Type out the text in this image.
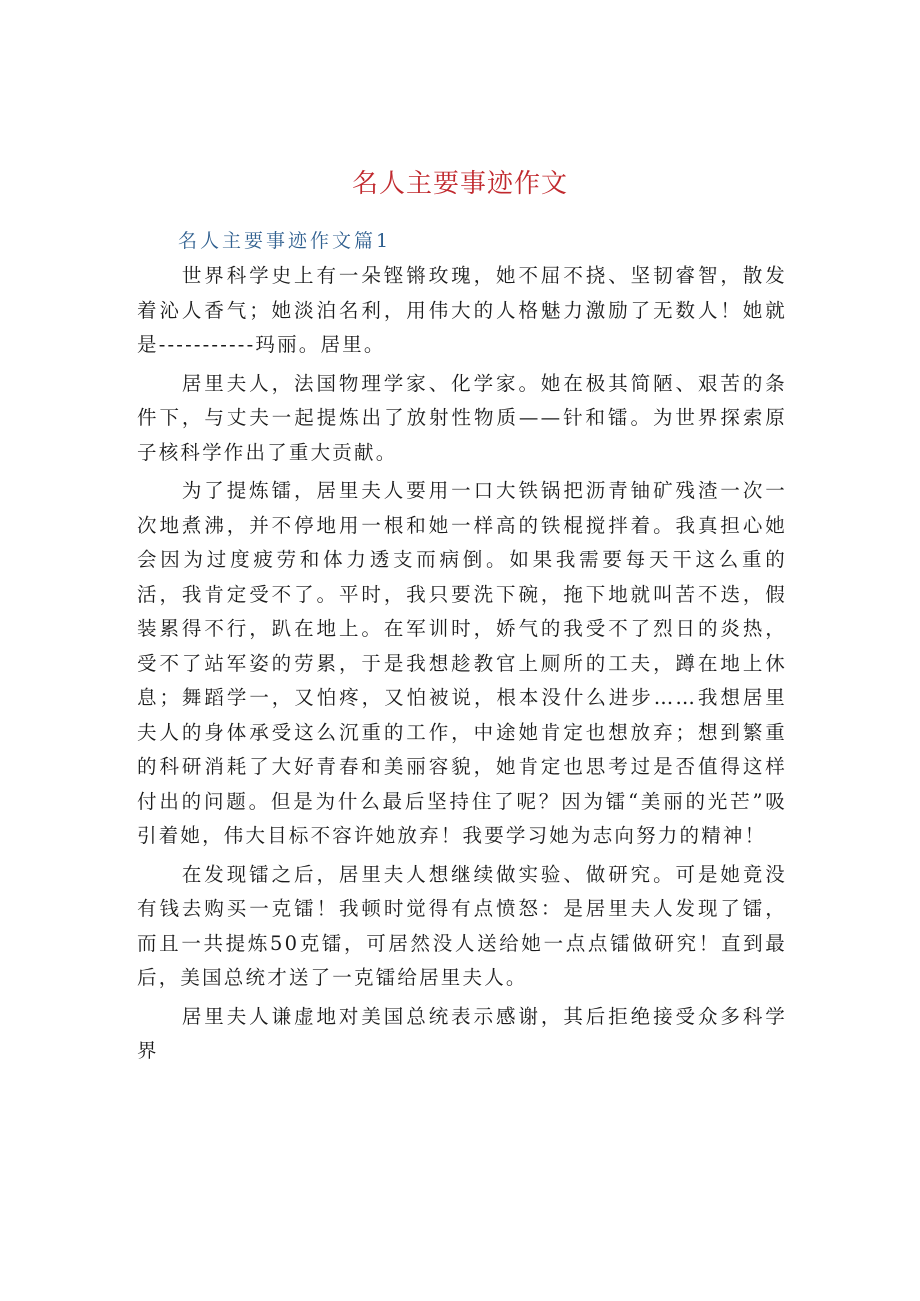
名人主要事迹作文
名人主要事迹作文篇1

世界科学史上有一朵铿锵玫瑰，她不屈不挠、坚韧睿智，散发着沁人香气；她淡泊名利，用伟大的人格魅力激励了无数人！她就是-----------玛丽。居里。

居里夫人，法国物理学家、化学家。她在极其简陋、艰苦的条件下，与丈夫一起提炼出了放射性物质——针和镭。为世界探索原子核科学作出了重大贡献。

为了提炼镭，居里夫人要用一口大铁锅把沥青铀矿残渣一次一次地煮沸，并不停地用一根和她一样高的铁棍搅拌着。我真担心她会因为过度疲劳和体力透支而病倒。如果我需要每天干这么重的活，我肯定受不了。平时，我只要洗下碗，拖下地就叫苦不迭，假装累得不行，趴在地上。在军训时，娇气的我受不了烈日的炎热，受不了站军姿的劳累，于是我想趁教官上厕所的工夫，蹲在地上休息；舞蹈学一，又怕疼，又怕被说，根本没什么进步……我想居里夫人的身体承受这么沉重的工作，中途她肯定也想放弃；想到繁重的科研消耗了大好青春和美丽容貌，她肯定也思考过是否值得这样付出的问题。但是为什么最后坚持住了呢？因为镭“美丽的光芒”吸引着她，伟大目标不容许她放弃！我要学习她为志向努力的精神！

在发现镭之后，居里夫人想继续做实验、做研究。可是她竟没有钱去购买一克镭！我顿时觉得有点愤怒：是居里夫人发现了镭，而且一共提炼50克镭，可居然没人送给她一点点镭做研究！直到最后，美国总统才送了一克镭给居里夫人。

居里夫人谦虚地对美国总统表示感谢，其后拒绝接受众多科学界
